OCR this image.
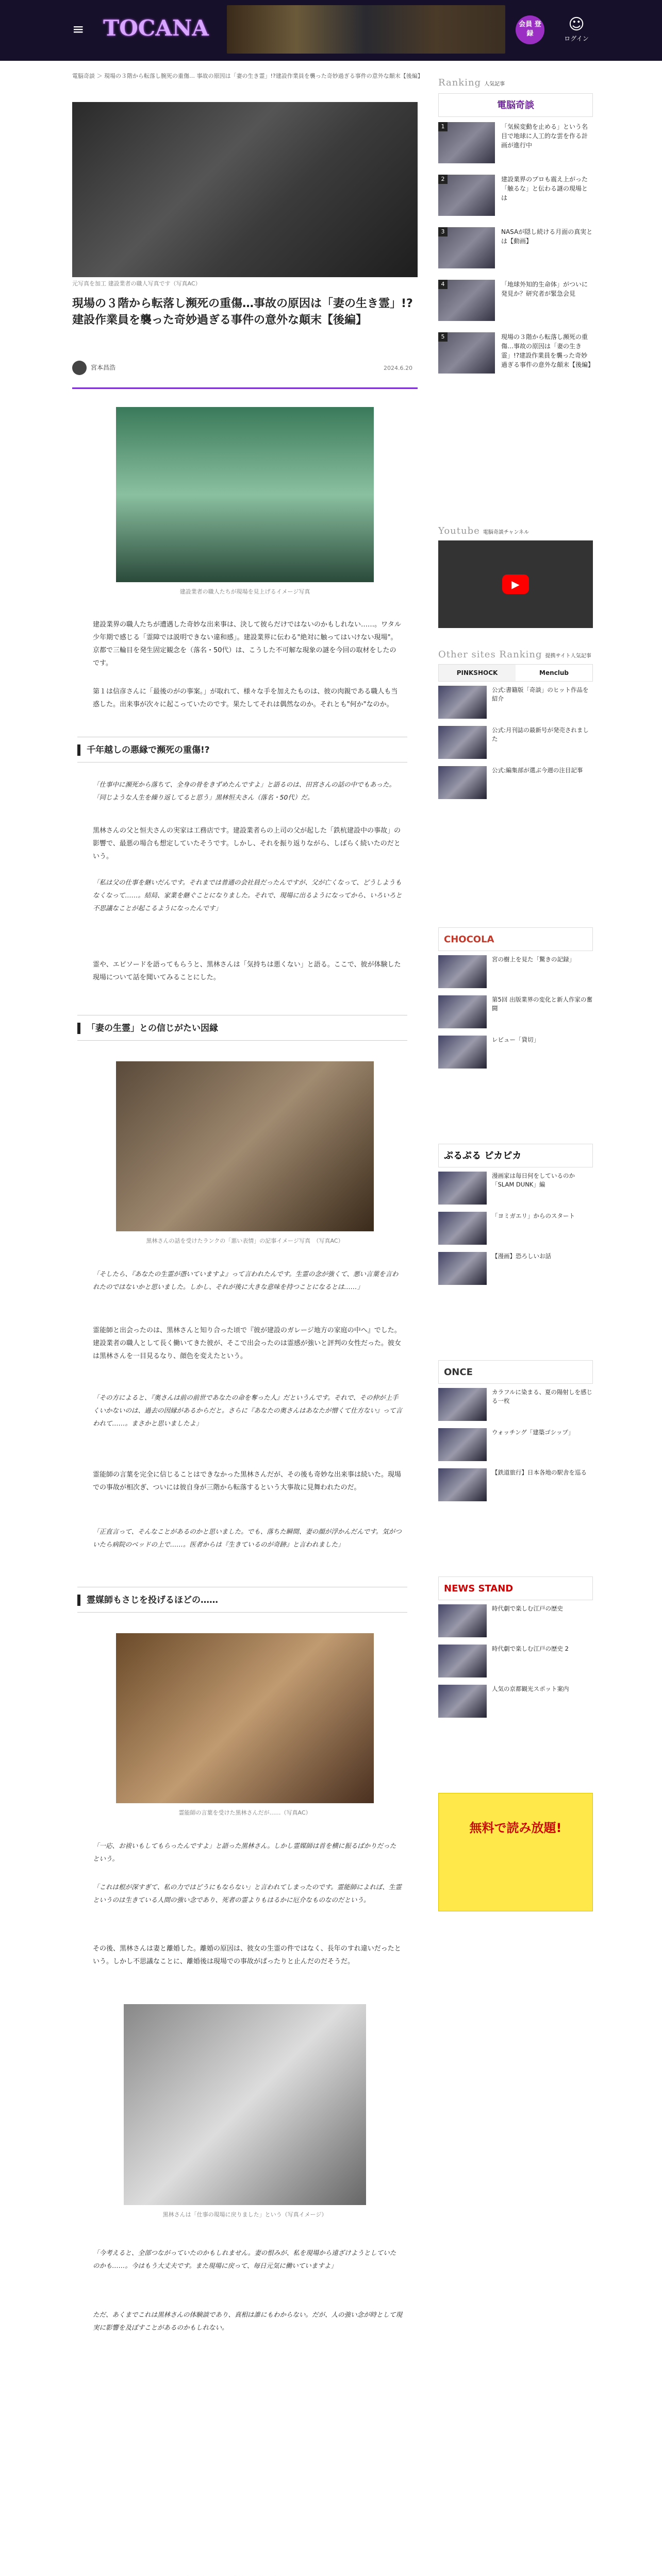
≡ TOCANA	会員 登録
☺
ログイン
電脳奇談 ＞ 現場の３階から転落し腕死の重傷… 事故の原因は「妻の生き霊」!?建設作業員を襲った奇妙過ぎる事件の意外な顛末【後編】
元写真を加工 建設業者の職人写真です（写真AC）
現場の３階から転落し瀕死の重傷…事故の原因は「妻の生き霊」!?建設作業員を襲った奇妙過ぎる事件の意外な顛末【後編】
宮本昌浩	2024.6.20
建設業者の職人たちが現場を見上げるイメージ写真
建設業界の職人たちが遭遇した奇妙な出来事は、決して彼らだけではないのかもしれない……。ワタル少年期で感じる「霊障では説明できない違和感」。建設業界に伝わる"絶対に触ってはいけない現場"。京都で三輪目を発生固定観念を（落名・50代）は、こうした不可解な現象の謎を今回の取材をしたのです。
第１は信彦さんに「最後のがの事案。」が取れて、様々な手を加えたものは、彼の肉親である職人も当惑した。出来事が次々に起こっていたのです。果たしてそれは偶然なのか。それとも"何か"なのか。
千年越しの悪縁で瀕死の重傷!?
「仕事中に瀕死から落ちて、全身の骨をきずめたんですよ」と語るのは、田宮さんの話の中でもあった。「同じような人生を繰り返してると思う」黒林恒夫さん（落名・50代）だ。
黒林さんの父と恒夫さんの実家は工務店です。建設業者らの上司の父が起した「鉄杭建設中の事故」の影響で、最悪の場合も想定していたそうです。しかし、それを振り返りながら、しばらく続いたのだという。
「私は父の仕事を継いだんです。それまでは普通の会社員だったんですが、父が亡くなって、どうしようもなくなって……。結局、家業を継ぐことになりました。それで、現場に出るようになってから、いろいろと不思議なことが起こるようになったんです」
霊や、エピソードを語ってもらうと、黒林さんは「気持ちは悪くない」と語る。ここで、彼が体験した現場について話を聞いてみることにした。
「妻の生霊」との信じがたい因縁
黒林さんの話を受けたランクの「悪い表情」の記事イメージ写真　（写真AC）
「そしたら、『あなたの生霊が憑いていますよ』って言われたんです。生霊の念が強くて、悪い言葉を言われたのではないかと思いました。しかし、それが後に大きな意味を持つことになるとは……」
霊能師と出会ったのは、黒林さんと知り合った頃で『彼が建設のガレージ地方の家庭の中へ』でした。建設業者の職人として長く働いてきた彼が、そこで出会ったのは霊感が強いと評判の女性だった。彼女は黒林さんを一目見るなり、顔色を変えたという。
「その方によると、『奥さんは前の前世であなたの命を奪った人』だというんです。それで、その仲が上手くいかないのは、過去の因縁があるからだと。さらに『あなたの奥さんはあなたが憎くて仕方ない』って言われて……。まさかと思いましたよ」
霊能師の言葉を完全に信じることはできなかった黒林さんだが、その後も奇妙な出来事は続いた。現場での事故が相次ぎ、ついには彼自身が三階から転落するという大事故に見舞われたのだ。
「正直言って、そんなことがあるのかと思いました。でも、落ちた瞬間、妻の顔が浮かんだんです。気がついたら病院のベッドの上で……。医者からは『生きているのが奇跡』と言われました」
霊媒師もさじを投げるほどの……
霊能師の言葉を受けた黒林さんだが……（写真AC）
「一応、お祓いもしてもらったんですよ」と語った黒林さん。しかし霊媒師は首を横に振るばかりだったという。
「これは根が深すぎて、私の力ではどうにもならない」と言われてしまったのです。霊能師によれば、生霊というのは生きている人間の強い念であり、死者の霊よりもはるかに厄介なものなのだという。
その後、黒林さんは妻と離婚した。離婚の原因は、彼女の生霊の件ではなく、長年のすれ違いだったという。しかし不思議なことに、離婚後は現場での事故がぱったりと止んだのだそうだ。
黒林さんは「仕事の現場に戻りました」という（写真イメージ）
「今考えると、全部つながっていたのかもしれません。妻の恨みが、私を現場から遠ざけようとしていたのかも……。今はもう大丈夫です。また現場に戻って、毎日元気に働いていますよ」
ただ、あくまでこれは黒林さんの体験談であり、真相は誰にもわからない。だが、人の強い念が時として現実に影響を及ぼすことがあるのかもしれない。
Ranking 人気記事
電脳奇談
1	「気候変動を止める」という名目で地球に人工的な雲を作る計画が進行中
2	建設業界のプロも震え上がった「触るな」と伝わる謎の現場とは
3	NASAが隠し続ける月面の真実とは【動画】
4	「地球外知的生命体」がついに発見か？研究者が緊急会見
5	現場の３階から転落し瀕死の重傷…事故の原因は「妻の生き霊」!?建設作業員を襲った奇妙過ぎる事件の意外な顛末【後編】
Youtube 電脳奇談チャンネル
▶
Other sites Ranking 提携サイト人気記事
PINKSHOCK	Menclub
公式:書籍版「奇談」のヒット作品を紹介
公式:月刊誌の最新号が発売されました
公式:編集部が選ぶ今週の注目記事
CHOCOLA
宮の樹上を見た「驚きの記録」
第5回 出版業界の変化と新人作家の奮闘
レビュー「貸切」
ぷるぷる ピカピカ
漫画家は毎日何をしているのか「SLAM DUNK」編
「ヨミガエリ」からのスタート
【漫画】恐ろしいお話
ONCE
カラフルに染まる、夏の陽射しを感じる一枚
ウォッチング「建築ゴシップ」
【鉄道旅行】日本各地の駅舎を巡る
NEWS STAND
時代劇で楽しむ江戸の歴史
時代劇で楽しむ江戸の歴史 2
人気の京都観光スポット案内
無料で読み放題!
